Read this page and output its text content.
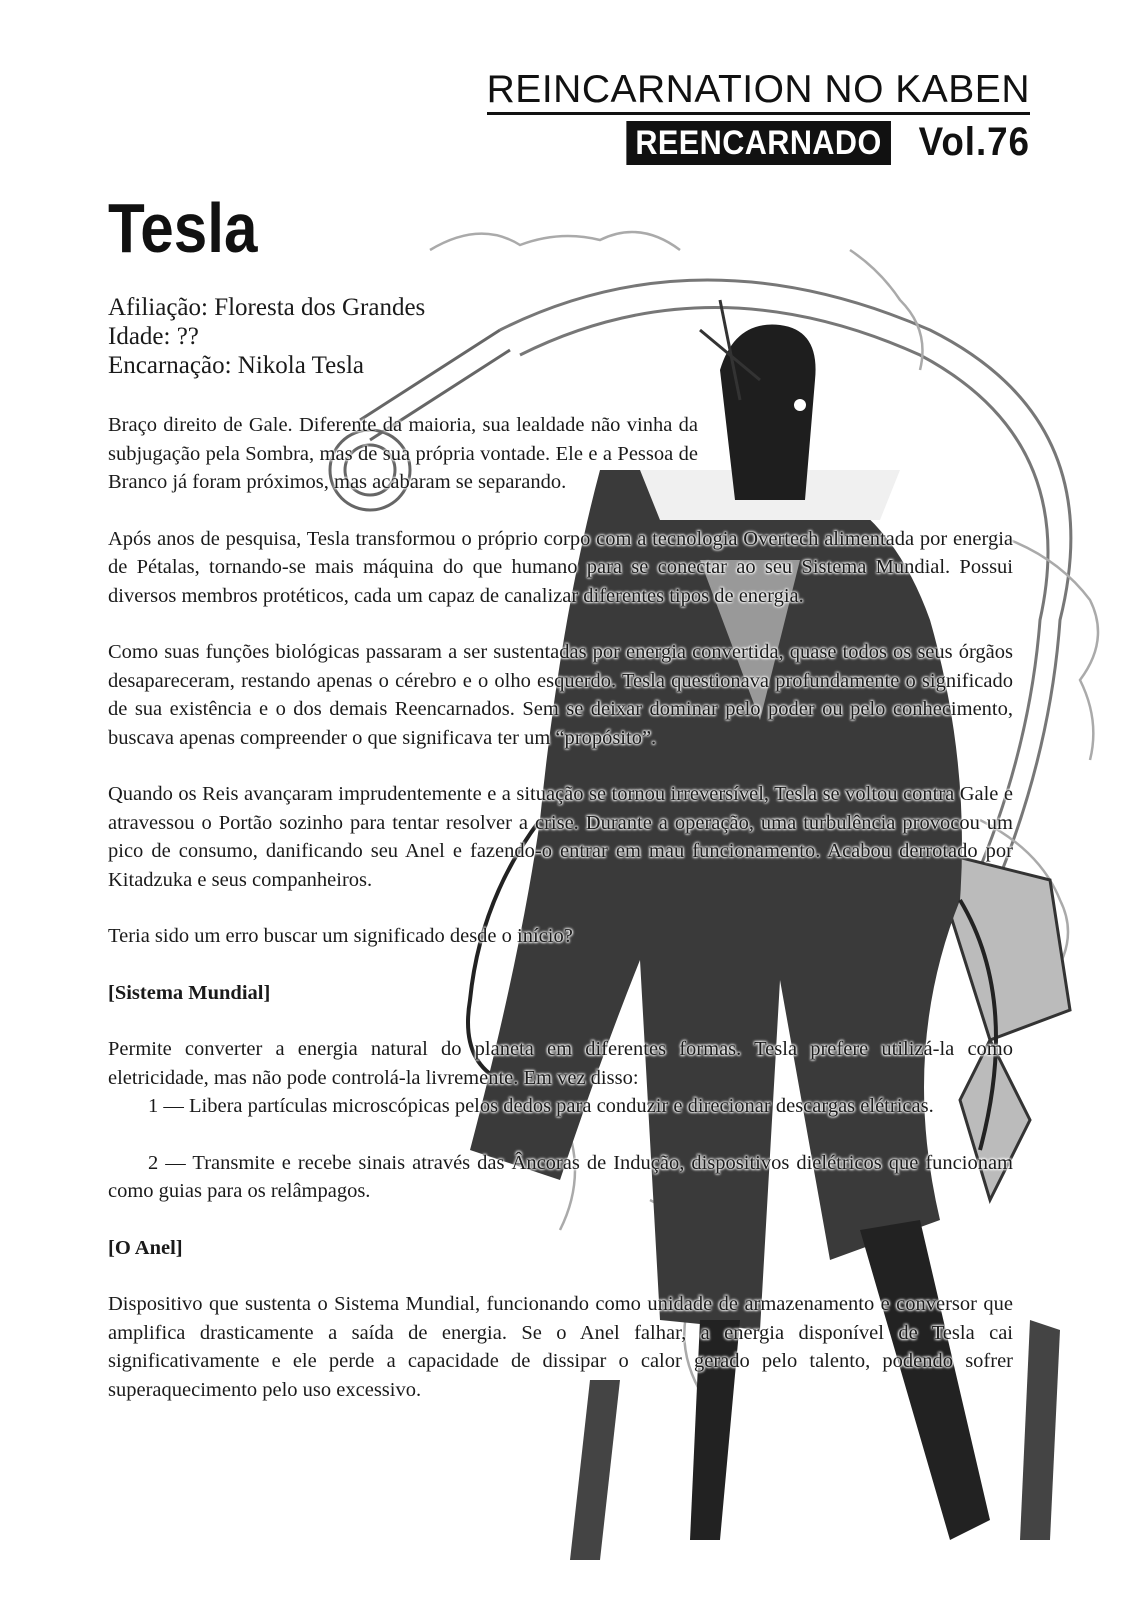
REINCARNATION NO KABEN
REENCARNADO Vol.76
Tesla
Afiliação: Floresta dos Grandes
Idade: ??
Encarnação: Nikola Tesla

Braço direito de Gale. Diferente da maioria, sua lealdade não vinha da subjugação pela Sombra, mas de sua própria vontade. Ele e a Pessoa de Branco já foram próximos, mas acabaram se separando.

Após anos de pesquisa, Tesla transformou o próprio corpo com a tecnologia Overtech alimentada por energia de Pétalas, tornando-se mais máquina do que humano para se conectar ao seu Sistema Mundial. Possui diversos membros protéticos, cada um capaz de canalizar diferentes tipos de energia.

Como suas funções biológicas passaram a ser sustentadas por energia convertida, quase todos os seus órgãos desapareceram, restando apenas o cérebro e o olho esquerdo. Tesla questionava profundamente o significado de sua existência e o dos demais Reencarnados. Sem se deixar dominar pelo poder ou pelo conhecimento, buscava apenas compreender o que significava ter um “propósito”.

Quando os Reis avançaram imprudentemente e a situação se tornou irreversível, Tesla se voltou contra Gale e atravessou o Portão sozinho para tentar resolver a crise. Durante a operação, uma turbulência provocou um pico de consumo, danificando seu Anel e fazendo-o entrar em mau funcionamento. Acabou derrotado por Kitadzuka e seus companheiros.

Teria sido um erro buscar um significado desde o início?

[Sistema Mundial]

Permite converter a energia natural do planeta em diferentes formas. Tesla prefere utilizá-la como eletricidade, mas não pode controlá-la livremente. Em vez disso:

1 — Libera partículas microscópicas pelos dedos para conduzir e direcionar descargas elétricas.

2 — Transmite e recebe sinais através das Âncoras de Indução, dispositivos dielétricos que funcionam como guias para os relâmpagos.

[O Anel]

Dispositivo que sustenta o Sistema Mundial, funcionando como unidade de armazenamento e conversor que amplifica drasticamente a saída de energia. Se o Anel falhar, a energia disponível de Tesla cai significativamente e ele perde a capacidade de dissipar o calor gerado pelo talento, podendo sofrer superaquecimento pelo uso excessivo.
